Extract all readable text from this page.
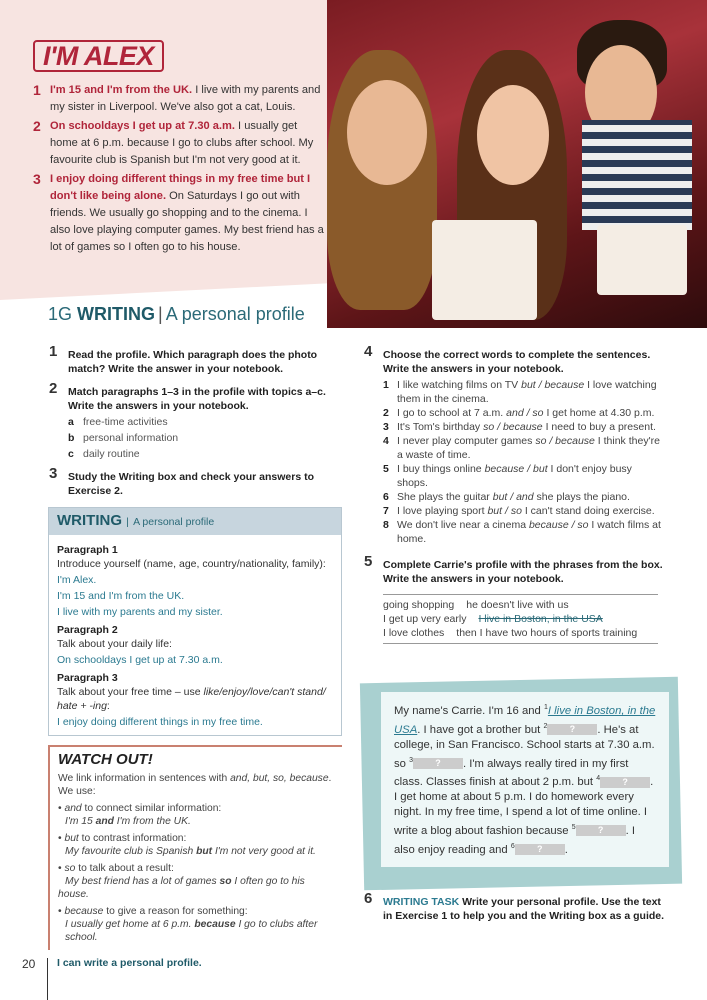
I'M ALEX
1 I'm 15 and I'm from the UK. I live with my parents and my sister in Liverpool. We've also got a cat, Louis.
2 On schooldays I get up at 7.30 a.m. I usually get home at 6 p.m. because I go to clubs after school. My favourite club is Spanish but I'm not very good at it.
3 I enjoy doing different things in my free time but I don't like being alone. On Saturdays I go out with friends. We usually go shopping and to the cinema. I also love playing computer games. My best friend has a lot of games so I often go to his house.
1G WRITING | A personal profile
1 Read the profile. Which paragraph does the photo match? Write the answer in your notebook.
2 Match paragraphs 1–3 in the profile with topics a–c. Write the answers in your notebook.
a free-time activities
b personal information
c daily routine
3 Study the Writing box and check your answers to Exercise 2.
WRITING | A personal profile
Paragraph 1
Introduce yourself (name, age, country/nationality, family):
I'm Alex.
I'm 15 and I'm from the UK.
I live with my parents and my sister.
Paragraph 2
Talk about your daily life:
On schooldays I get up at 7.30 a.m.
Paragraph 3
Talk about your free time – use like/enjoy/love/can't stand/ hate + -ing:
I enjoy doing different things in my free time.
WATCH OUT!
We link information in sentences with and, but, so, because. We use:
• and to connect similar information:
I'm 15 and I'm from the UK.
• but to contrast information:
My favourite club is Spanish but I'm not very good at it.
• so to talk about a result:
My best friend has a lot of games so I often go to his house.
• because to give a reason for something:
I usually get home at 6 p.m. because I go to clubs after school.
4 Choose the correct words to complete the sentences. Write the answers in your notebook.
1 I like watching films on TV but / because I love watching them in the cinema.
2 I go to school at 7 a.m. and / so I get home at 4.30 p.m.
3 It's Tom's birthday so / because I need to buy a present.
4 I never play computer games so / because I think they're a waste of time.
5 I buy things online because / but I don't enjoy busy shops.
6 She plays the guitar but / and she plays the piano.
7 I love playing sport but / so I can't stand doing exercise.
8 We don't live near a cinema because / so I watch films at home.
5 Complete Carrie's profile with the phrases from the box. Write the answers in your notebook.
going shopping he doesn't live with us
I get up very early I live in Boston, in the USA
I love clothes then I have two hours of sports training
My name's Carrie. I'm 16 and $^1$I live in Boston, in the USA. I have got a brother but $^2$ ? . He's at college, in San Francisco. School starts at 7.30 a.m. so $^3$ ? . I'm always really tired in my first class. Classes finish at about 2 p.m. but $^4$ ? . I get home at about 5 p.m. I do homework every night. In my free time, I spend a lot of time online. I write a blog about fashion because $^5$ ? . I also enjoy reading and $^6$ ? .
6 WRITING TASK Write your personal profile. Use the text in Exercise 1 to help you and the Writing box as a guide.
20 I can write a personal profile.
